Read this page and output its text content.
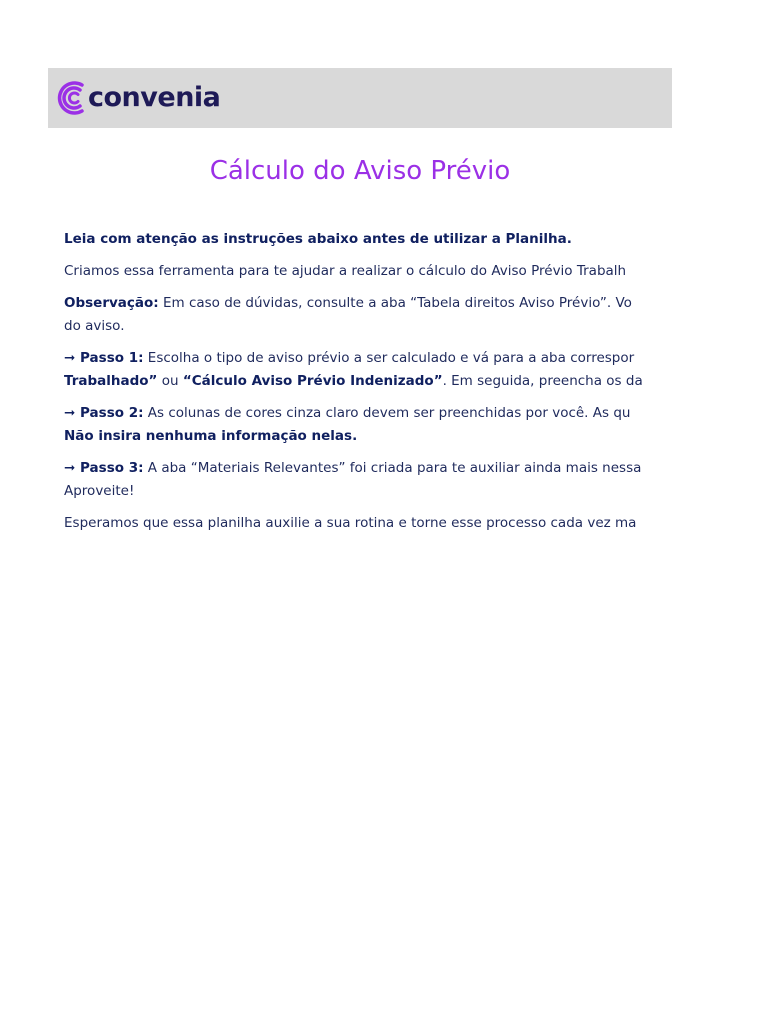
convenia
Cálculo do Aviso Prévio

Leia com atenção as instruções abaixo antes de utilizar a Planilha.

Criamos essa ferramenta para te ajudar a realizar o cálculo do Aviso Prévio Trabalh

Observação: Em caso de dúvidas, consulte a aba “Tabela direitos Aviso Prévio”. Vo
do aviso.

➞ Passo 1: Escolha o tipo de aviso prévio a ser calculado e vá para a aba correspor
Trabalhado” ou “Cálculo Aviso Prévio Indenizado”. Em seguida, preencha os da

➞ Passo 2: As colunas de cores cinza claro devem ser preenchidas por você. As qu
Não insira nenhuma informação nelas.

➞ Passo 3: A aba “Materiais Relevantes” foi criada para te auxiliar ainda mais nessa
Aproveite!

Esperamos que essa planilha auxilie a sua rotina e torne esse processo cada vez ma
